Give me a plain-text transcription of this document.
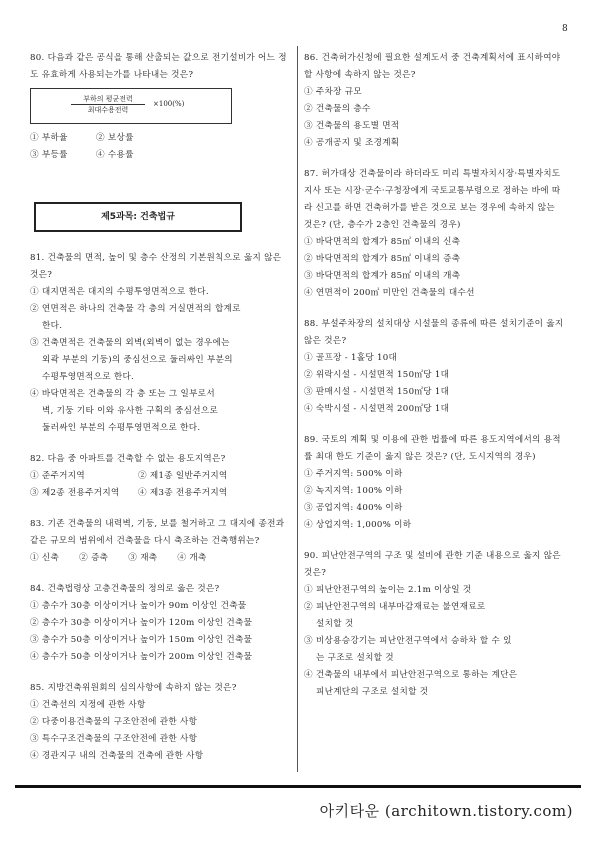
8
80. 다음과 같은 공식을 통해 산출되는 값으로 전기설비가 어느 정도 유효하게 사용되는가를 나타내는 것은?
부하의 평균전력
최대수용전력
×100(%)
① 부하율	② 보상률
③ 부등률	④ 수용률
제5과목: 건축법규
81. 건축물의 면적, 높이 및 층수 산정의 기본원칙으로 옳지 않은 것은?
① 대지면적은 대지의 수평투영면적으로 한다.
② 연면적은 하나의 건축물 각 층의 거실면적의 합계로
한다.
③ 건축면적은 건축물의 외벽(외벽이 없는 경우에는
외곽 부분의 기둥)의 중심선으로 둘러싸인 부분의
수평투영면적으로 한다.
④ 바닥면적은 건축물의 각 층 또는 그 일부로서
벽, 기둥 기타 이와 유사한 구획의 중심선으로
둘러싸인 부분의 수평투영면적으로 한다.
82. 다음 중 아파트를 건축할 수 없는 용도지역은?
① 준주거지역	② 제1종 일반주거지역
③ 제2종 전용주거지역	④ 제3종 전용주거지역
83. 기존 건축물의 내력벽, 기둥, 보를 철거하고 그 대지에 종전과 같은 규모의 범위에서 건축물을 다시 축조하는 건축행위는?
① 신축 ② 증축 ③ 재축 ④ 개축
84. 건축법령상 고층건축물의 정의로 옳은 것은?
① 층수가 30층 이상이거나 높이가 90m 이상인 건축물
② 층수가 30층 이상이거나 높이가 120m 이상인 건축물
③ 층수가 50층 이상이거나 높이가 150m 이상인 건축물
④ 층수가 50층 이상이거나 높이가 200m 이상인 건축물
85. 지방건축위원회의 심의사항에 속하지 않는 것은?
① 건축선의 지정에 관한 사항
② 다중이용건축물의 구조안전에 관한 사항
③ 특수구조건축물의 구조안전에 관한 사항
④ 경관지구 내의 건축물의 건축에 관한 사항
86. 건축허가신청에 필요한 설계도서 중 건축계획서에 표시하여야 할 사항에 속하지 않는 것은?
① 주차장 규모
② 건축물의 층수
③ 건축물의 용도별 면적
④ 공개공지 및 조경계획
87. 허가대상 건축물이라 하더라도 미리 특별자치시장·특별자치도지사 또는 시장·군수·구청장에게 국토교통부령으로 정하는 바에 따라 신고를 하면 건축허가를 받은 것으로 보는 경우에 속하지 않는 것은? (단, 층수가 2층인 건축물의 경우)
① 바닥면적의 합계가 85㎡ 이내의 신축
② 바닥면적의 합계가 85㎡ 이내의 증축
③ 바닥면적의 합계가 85㎡ 이내의 개축
④ 연면적이 200㎡ 미만인 건축물의 대수선
88. 부설주차장의 설치대상 시설물의 종류에 따른 설치기준이 옳지 않은 것은?
① 골프장 - 1홀당 10대
② 위락시설 - 시설면적 150㎡당 1대
③ 판매시설 - 시설면적 150㎡당 1대
④ 숙박시설 - 시설면적 200㎡당 1대
89. 국토의 계획 및 이용에 관한 법률에 따른 용도지역에서의 용적률 최대 한도 기준이 옳지 않은 것은? (단, 도시지역의 경우)
① 주거지역: 500% 이하
② 녹지지역: 100% 이하
③ 공업지역: 400% 이하
④ 상업지역: 1,000% 이하
90. 피난안전구역의 구조 및 설비에 관한 기준 내용으로 옳지 않은 것은?
① 피난안전구역의 높이는 2.1m 이상일 것
② 피난안전구역의 내부마감재료는 불연재료로
설치할 것
③ 비상용승강기는 피난안전구역에서 승하차 할 수 있
는 구조로 설치할 것
④ 건축물의 내부에서 피난안전구역으로 통하는 계단은
피난계단의 구조로 설치할 것
아키타운 (architown.tistory.com)
